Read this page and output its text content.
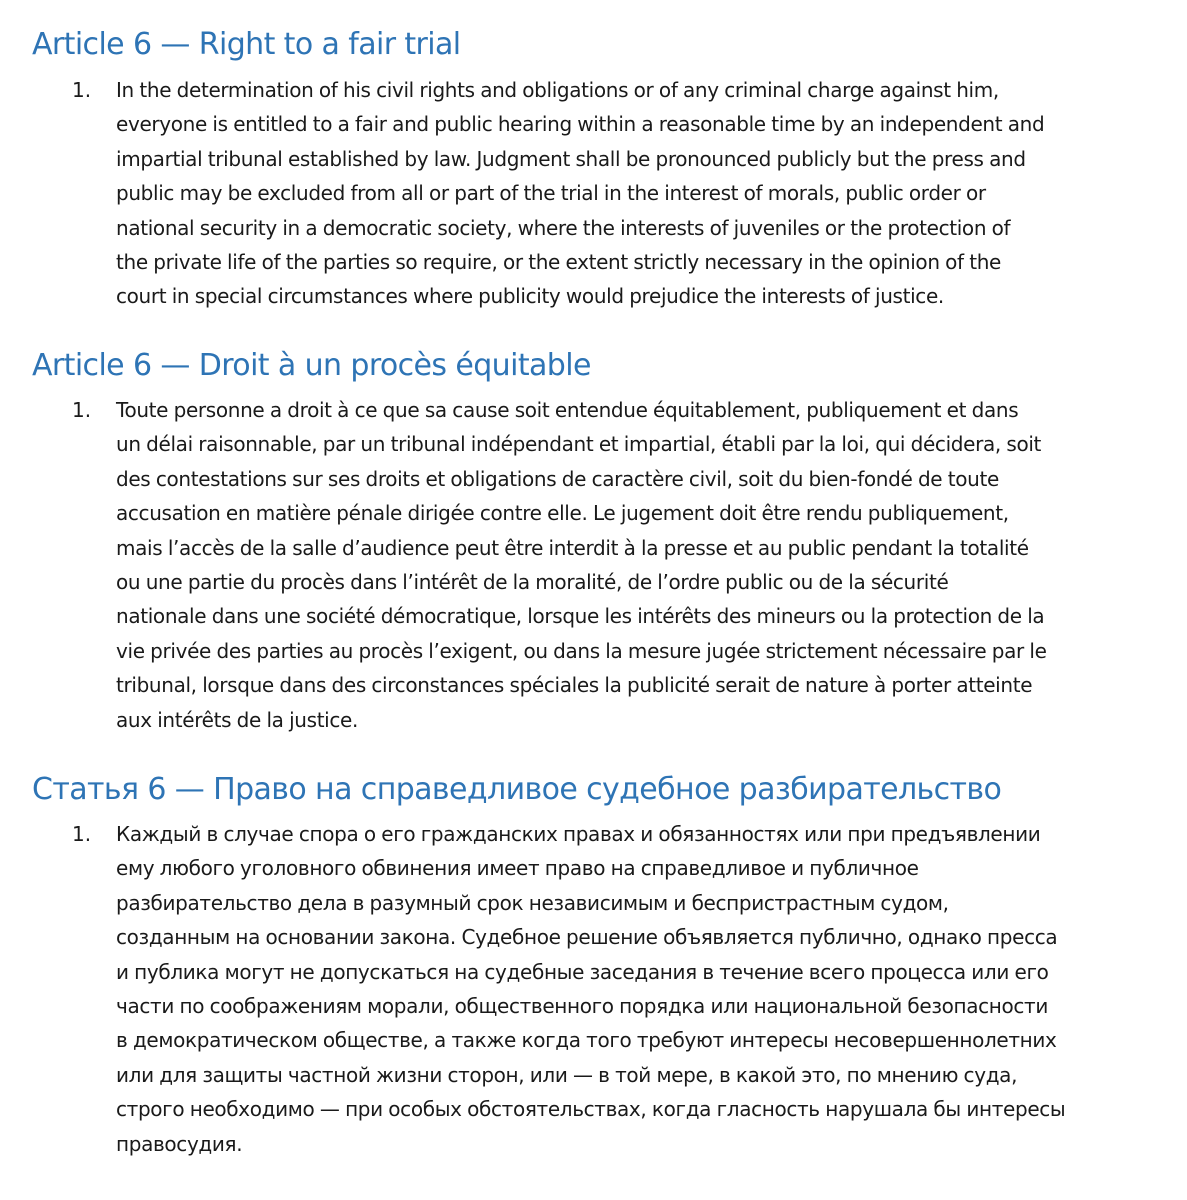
Article 6 — Right to a fair trial
1. In the determination of his civil rights and obligations or of any criminal charge against him,
everyone is entitled to a fair and public hearing within a reasonable time by an independent and
impartial tribunal established by law. Judgment shall be pronounced publicly but the press and
public may be excluded from all or part of the trial in the interest of morals, public order or
national security in a democratic society, where the interests of juveniles or the protection of
the private life of the parties so require, or the extent strictly necessary in the opinion of the
court in special circumstances where publicity would prejudice the interests of justice.
Article 6 — Droit à un procès équitable
1. Toute personne a droit à ce que sa cause soit entendue équitablement, publiquement et dans
un délai raisonnable, par un tribunal indépendant et impartial, établi par la loi, qui décidera, soit
des contestations sur ses droits et obligations de caractère civil, soit du bien-fondé de toute
accusation en matière pénale dirigée contre elle. Le jugement doit être rendu publiquement,
mais l’accès de la salle d’audience peut être interdit à la presse et au public pendant la totalité
ou une partie du procès dans l’intérêt de la moralité, de l’ordre public ou de la sécurité
nationale dans une société démocratique, lorsque les intérêts des mineurs ou la protection de la
vie privée des parties au procès l’exigent, ou dans la mesure jugée strictement nécessaire par le
tribunal, lorsque dans des circonstances spéciales la publicité serait de nature à porter atteinte
aux intérêts de la justice.
Статья 6 — Право на справедливое судебное разбирательство
1. Каждый в случае спора о его гражданских правах и обязанностях или при предъявлении
ему любого уголовного обвинения имеет право на справедливое и публичное
разбирательство дела в разумный срок независимым и беспристрастным судом,
созданным на основании закона. Судебное решение объявляется публично, однако пресса
и публика могут не допускаться на судебные заседания в течение всего процесса или его
части по соображениям морали, общественного порядка или национальной безопасности
в демократическом обществе, а также когда того требуют интересы несовершеннолетних
или для защиты частной жизни сторон, или — в той мере, в какой это, по мнению суда,
строго необходимо — при особых обстоятельствах, когда гласность нарушала бы интересы
правосудия.
